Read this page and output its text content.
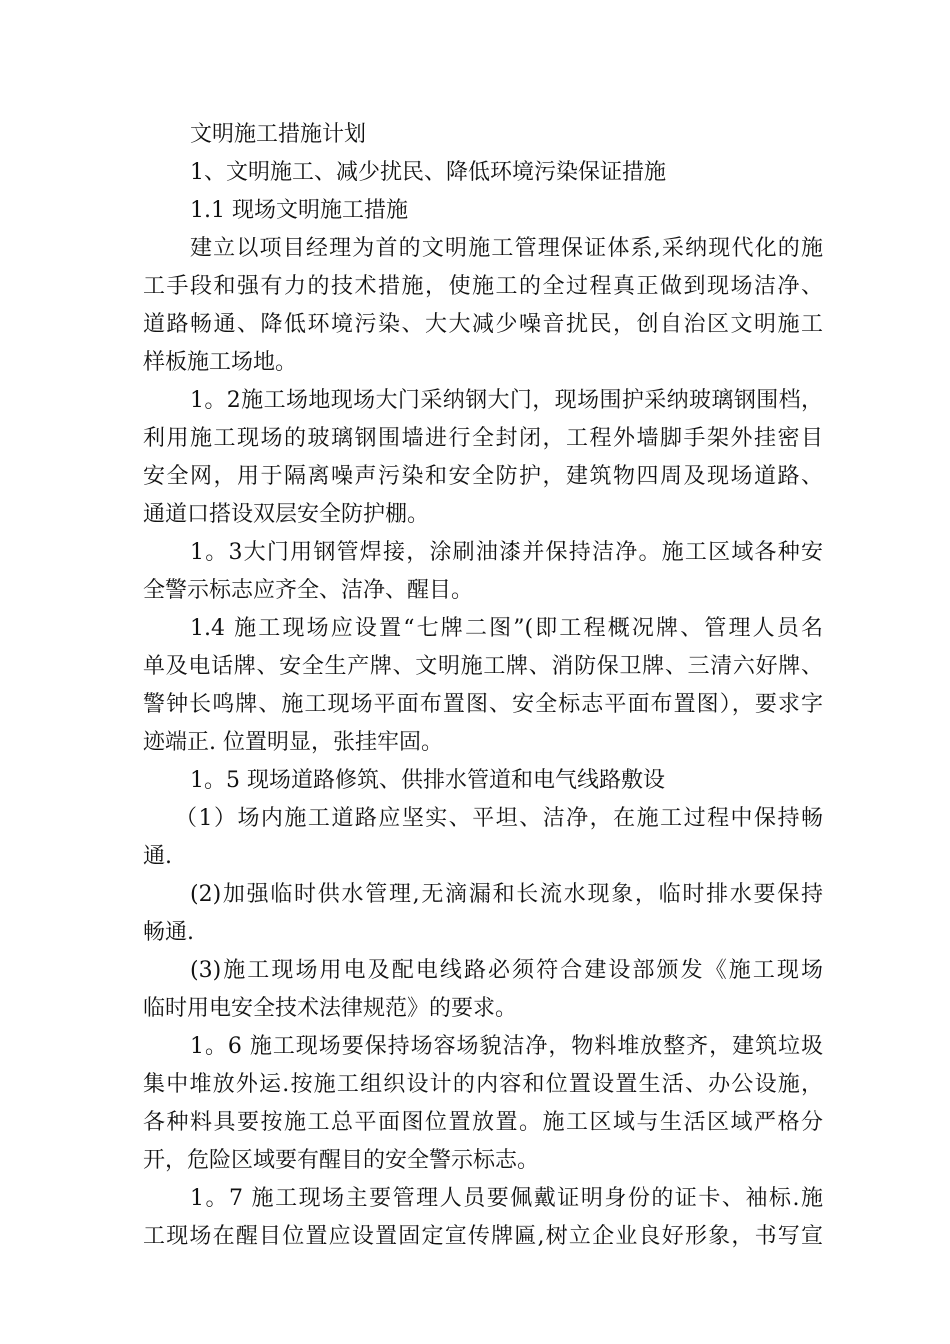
文明施工措施计划
1、文明施工、减少扰民、降低环境污染保证措施
1.1 现场文明施工措施
建立以项目经理为首的文明施工管理保证体系,采纳现代化的施
工手段和强有力的技术措施，使施工的全过程真正做到现场洁净、
道路畅通、降低环境污染、大大减少噪音扰民，创自治区文明施工
样板施工场地。
1。2施工场地现场大门采纳钢大门，现场围护采纳玻璃钢围档，
利用施工现场的玻璃钢围墙进行全封闭，工程外墙脚手架外挂密目
安全网，用于隔离噪声污染和安全防护，建筑物四周及现场道路、
通道口搭设双层安全防护棚。
1。3大门用钢管焊接，涂刷油漆并保持洁净。施工区域各种安
全警示标志应齐全、洁净、醒目。
1.4 施工现场应设置“七牌二图”(即工程概况牌、管理人员名
单及电话牌、安全生产牌、文明施工牌、消防保卫牌、三清六好牌、
警钟长鸣牌、施工现场平面布置图、安全标志平面布置图），要求字
迹端正. 位置明显，张挂牢固。
1。5 现场道路修筑、供排水管道和电气线路敷设
（1）场内施工道路应坚实、平坦、洁净，在施工过程中保持畅
通.
(2)加强临时供水管理,无滴漏和长流水现象，临时排水要保持
畅通.
(3)施工现场用电及配电线路必须符合建设部颁发《施工现场
临时用电安全技术法律规范》的要求。
1。6 施工现场要保持场容场貌洁净，物料堆放整齐，建筑垃圾
集中堆放外运.按施工组织设计的内容和位置设置生活、办公设施，
各种料具要按施工总平面图位置放置。施工区域与生活区域严格分
开，危险区域要有醒目的安全警示标志。
1。7 施工现场主要管理人员要佩戴证明身份的证卡、袖标.施
工现场在醒目位置应设置固定宣传牌匾,树立企业良好形象，书写宣
